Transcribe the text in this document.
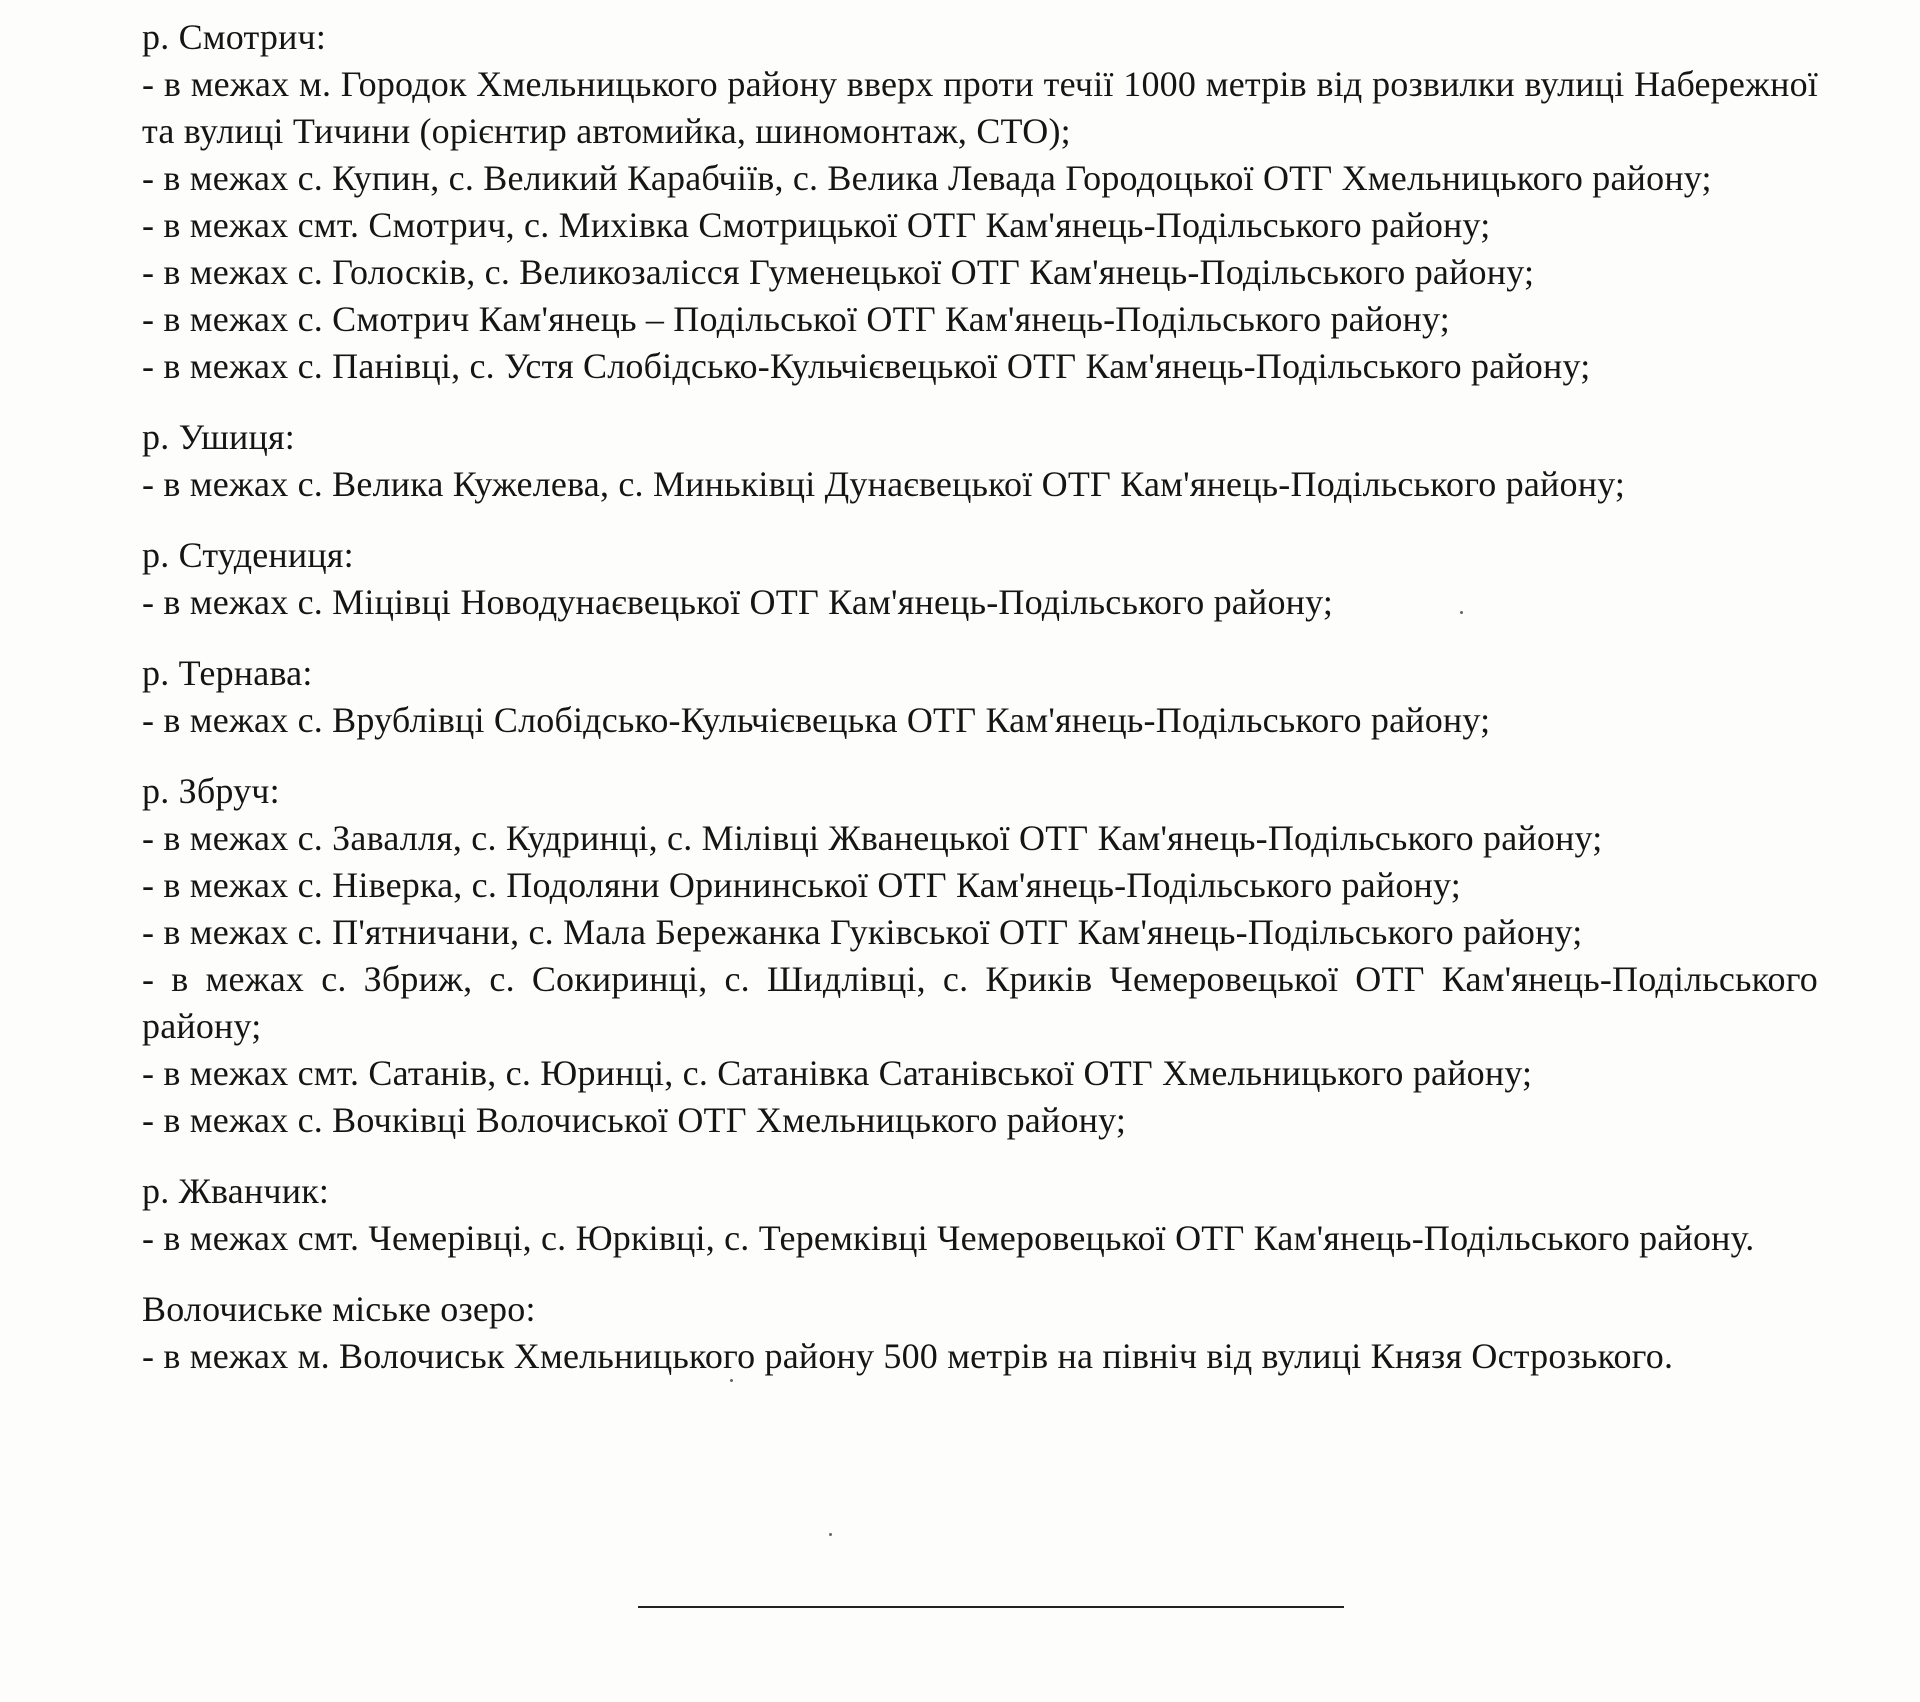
р. Смотрич:
- в межах м. Городок Хмельницького району вверх проти течії 1000 метрів від розвилки вулиці Набережної та вулиці Тичини (орієнтир автомийка, шиномонтаж, СТО);
- в межах с. Купин, с. Великий Карабчіїв, с. Велика Левада Городоцької ОТГ Хмельницького району;
- в межах смт. Смотрич, с. Михівка Смотрицької ОТГ Кам'янець-Подільського району;
- в межах с. Голосків, с. Великозалісся Гуменецької ОТГ Кам'янець-Подільського району;
- в межах с. Смотрич Кам'янець – Подільської ОТГ Кам'янець-Подільського району;
- в межах с. Панівці, с. Устя Слобідсько-Кульчієвецької ОТГ Кам'янець-Подільського району;
р. Ушиця:
- в межах с. Велика Кужелева, с. Миньківці Дунаєвецької ОТГ Кам'янець-Подільського району;
р. Студениця:
- в межах с. Міцівці Новодунаєвецької ОТГ Кам'янець-Подільського району;
р. Тернава:
- в межах с. Врублівці Слобідсько-Кульчієвецька ОТГ Кам'янець-Подільського району;
р. Збруч:
- в межах с. Завалля, с. Кудринці, с. Мілівці Жванецької ОТГ Кам'янець-Подільського району;
- в межах с. Ніверка, с. Подоляни Орининської ОТГ Кам'янець-Подільського району;
- в межах с. П'ятничани, с. Мала Бережанка Гуківської ОТГ Кам'янець-Подільського району;
- в межах с. Збриж, с. Сокиринці, с. Шидлівці, с. Криків Чемеровецької ОТГ Кам'янець-Подільського району;
- в межах смт. Сатанів, с. Юринці, с. Сатанівка Сатанівської ОТГ Хмельницького району;
- в межах с. Вочківці Волочиської ОТГ Хмельницького району;
р. Жванчик:
- в межах смт. Чемерівці, с. Юрківці, с. Теремківці Чемеровецької ОТГ Кам'янець-Подільського району.
Волочиське міське озеро:
- в межах м. Волочиськ Хмельницького району 500 метрів на північ від вулиці Князя Острозького.
